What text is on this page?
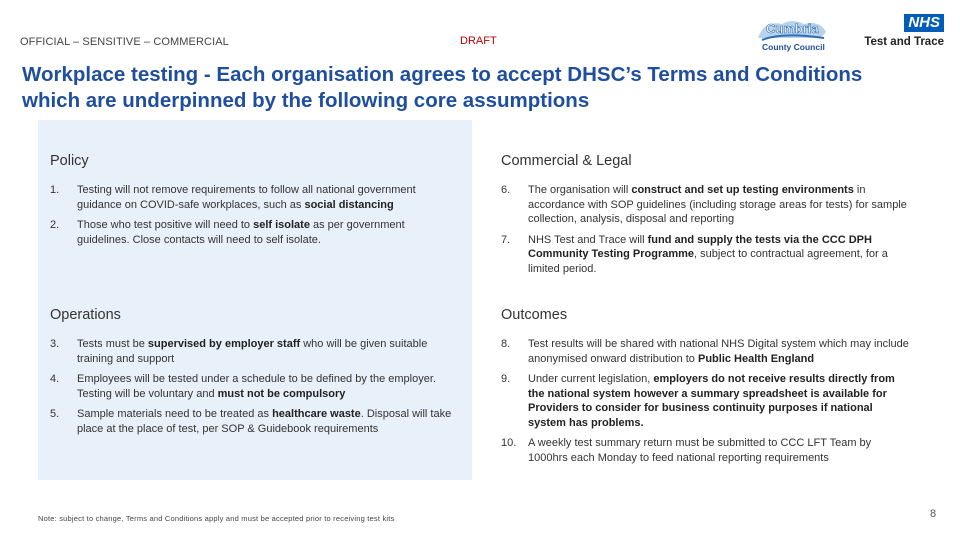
OFFICIAL – SENSITIVE – COMMERCIAL	DRAFT
Cumbria
County Council
NHS
Test and Trace
Workplace testing - Each organisation agrees to accept DHSC’s Terms and Conditions which are underpinned by the following core assumptions
Policy
1. Testing will not remove requirements to follow all national government guidance on COVID-safe workplaces, such as social distancing
2. Those who test positive will need to self isolate as per government guidelines. Close contacts will need to self isolate.
Commercial & Legal
6. The organisation will construct and set up testing environments in accordance with SOP guidelines (including storage areas for tests) for sample collection, analysis, disposal and reporting
7. NHS Test and Trace will fund and supply the tests via the CCC DPH Community Testing Programme, subject to contractual agreement, for a limited period.
Operations
3. Tests must be supervised by employer staff who will be given suitable training and support
4. Employees will be tested under a schedule to be defined by the employer. Testing will be voluntary and must not be compulsory
5. Sample materials need to be treated as healthcare waste. Disposal will take place at the place of test, per SOP & Guidebook requirements
Outcomes
8. Test results will be shared with national NHS Digital system which may include anonymised onward distribution to Public Health England
9. Under current legislation, employers do not receive results directly from the national system however a summary spreadsheet is available for Providers to consider for business continuity purposes if national system has problems.
10. A weekly test summary return must be submitted to CCC LFT Team by 1000hrs each Monday to feed national reporting requirements
Note: subject to change, Terms and Conditions apply and must be accepted prior to receiving test kits	8
